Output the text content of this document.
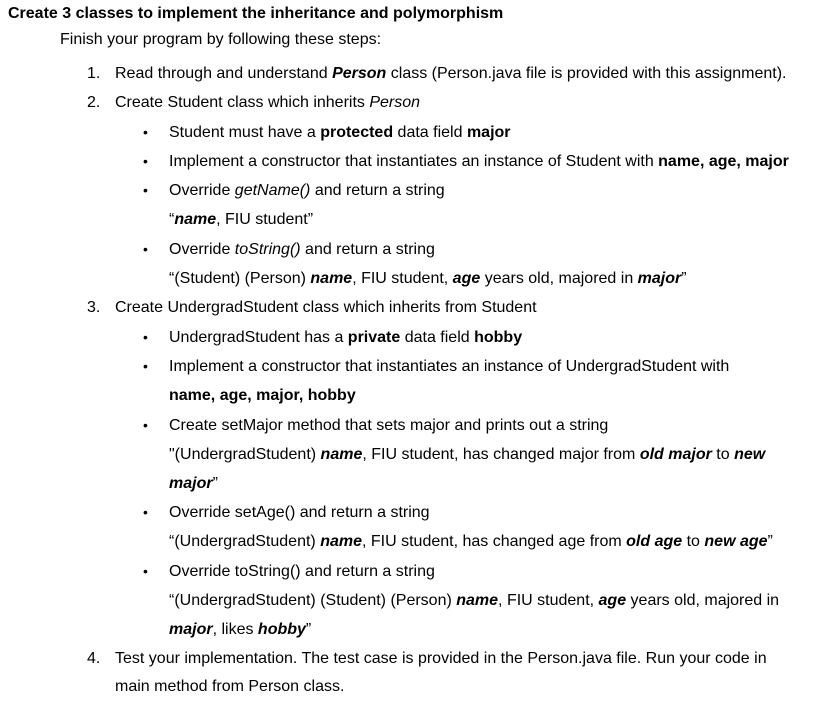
Create 3 classes to implement the inheritance and polymorphism
Finish your program by following these steps:
1. Read through and understand Person class (Person.java file is provided with this assignment).
2. Create Student class which inherits Person
• Student must have a protected data field major
• Implement a constructor that instantiates an instance of Student with name, age, major
• Override getName() and return a string
“name, FIU student”
• Override toString() and return a string
“(Student) (Person) name, FIU student, age years old, majored in major”
3. Create UndergradStudent class which inherits from Student
• UndergradStudent has a private data field hobby
• Implement a constructor that instantiates an instance of UndergradStudent with
name, age, major, hobby
• Create setMajor method that sets major and prints out a string
"(UndergradStudent) name, FIU student, has changed major from old major to new
major”
• Override setAge() and return a string
“(UndergradStudent) name, FIU student, has changed age from old age to new age”
• Override toString() and return a string
“(UndergradStudent) (Student) (Person) name, FIU student, age years old, majored in
major, likes hobby”
4. Test your implementation. The test case is provided in the Person.java file. Run your code in
main method from Person class.
